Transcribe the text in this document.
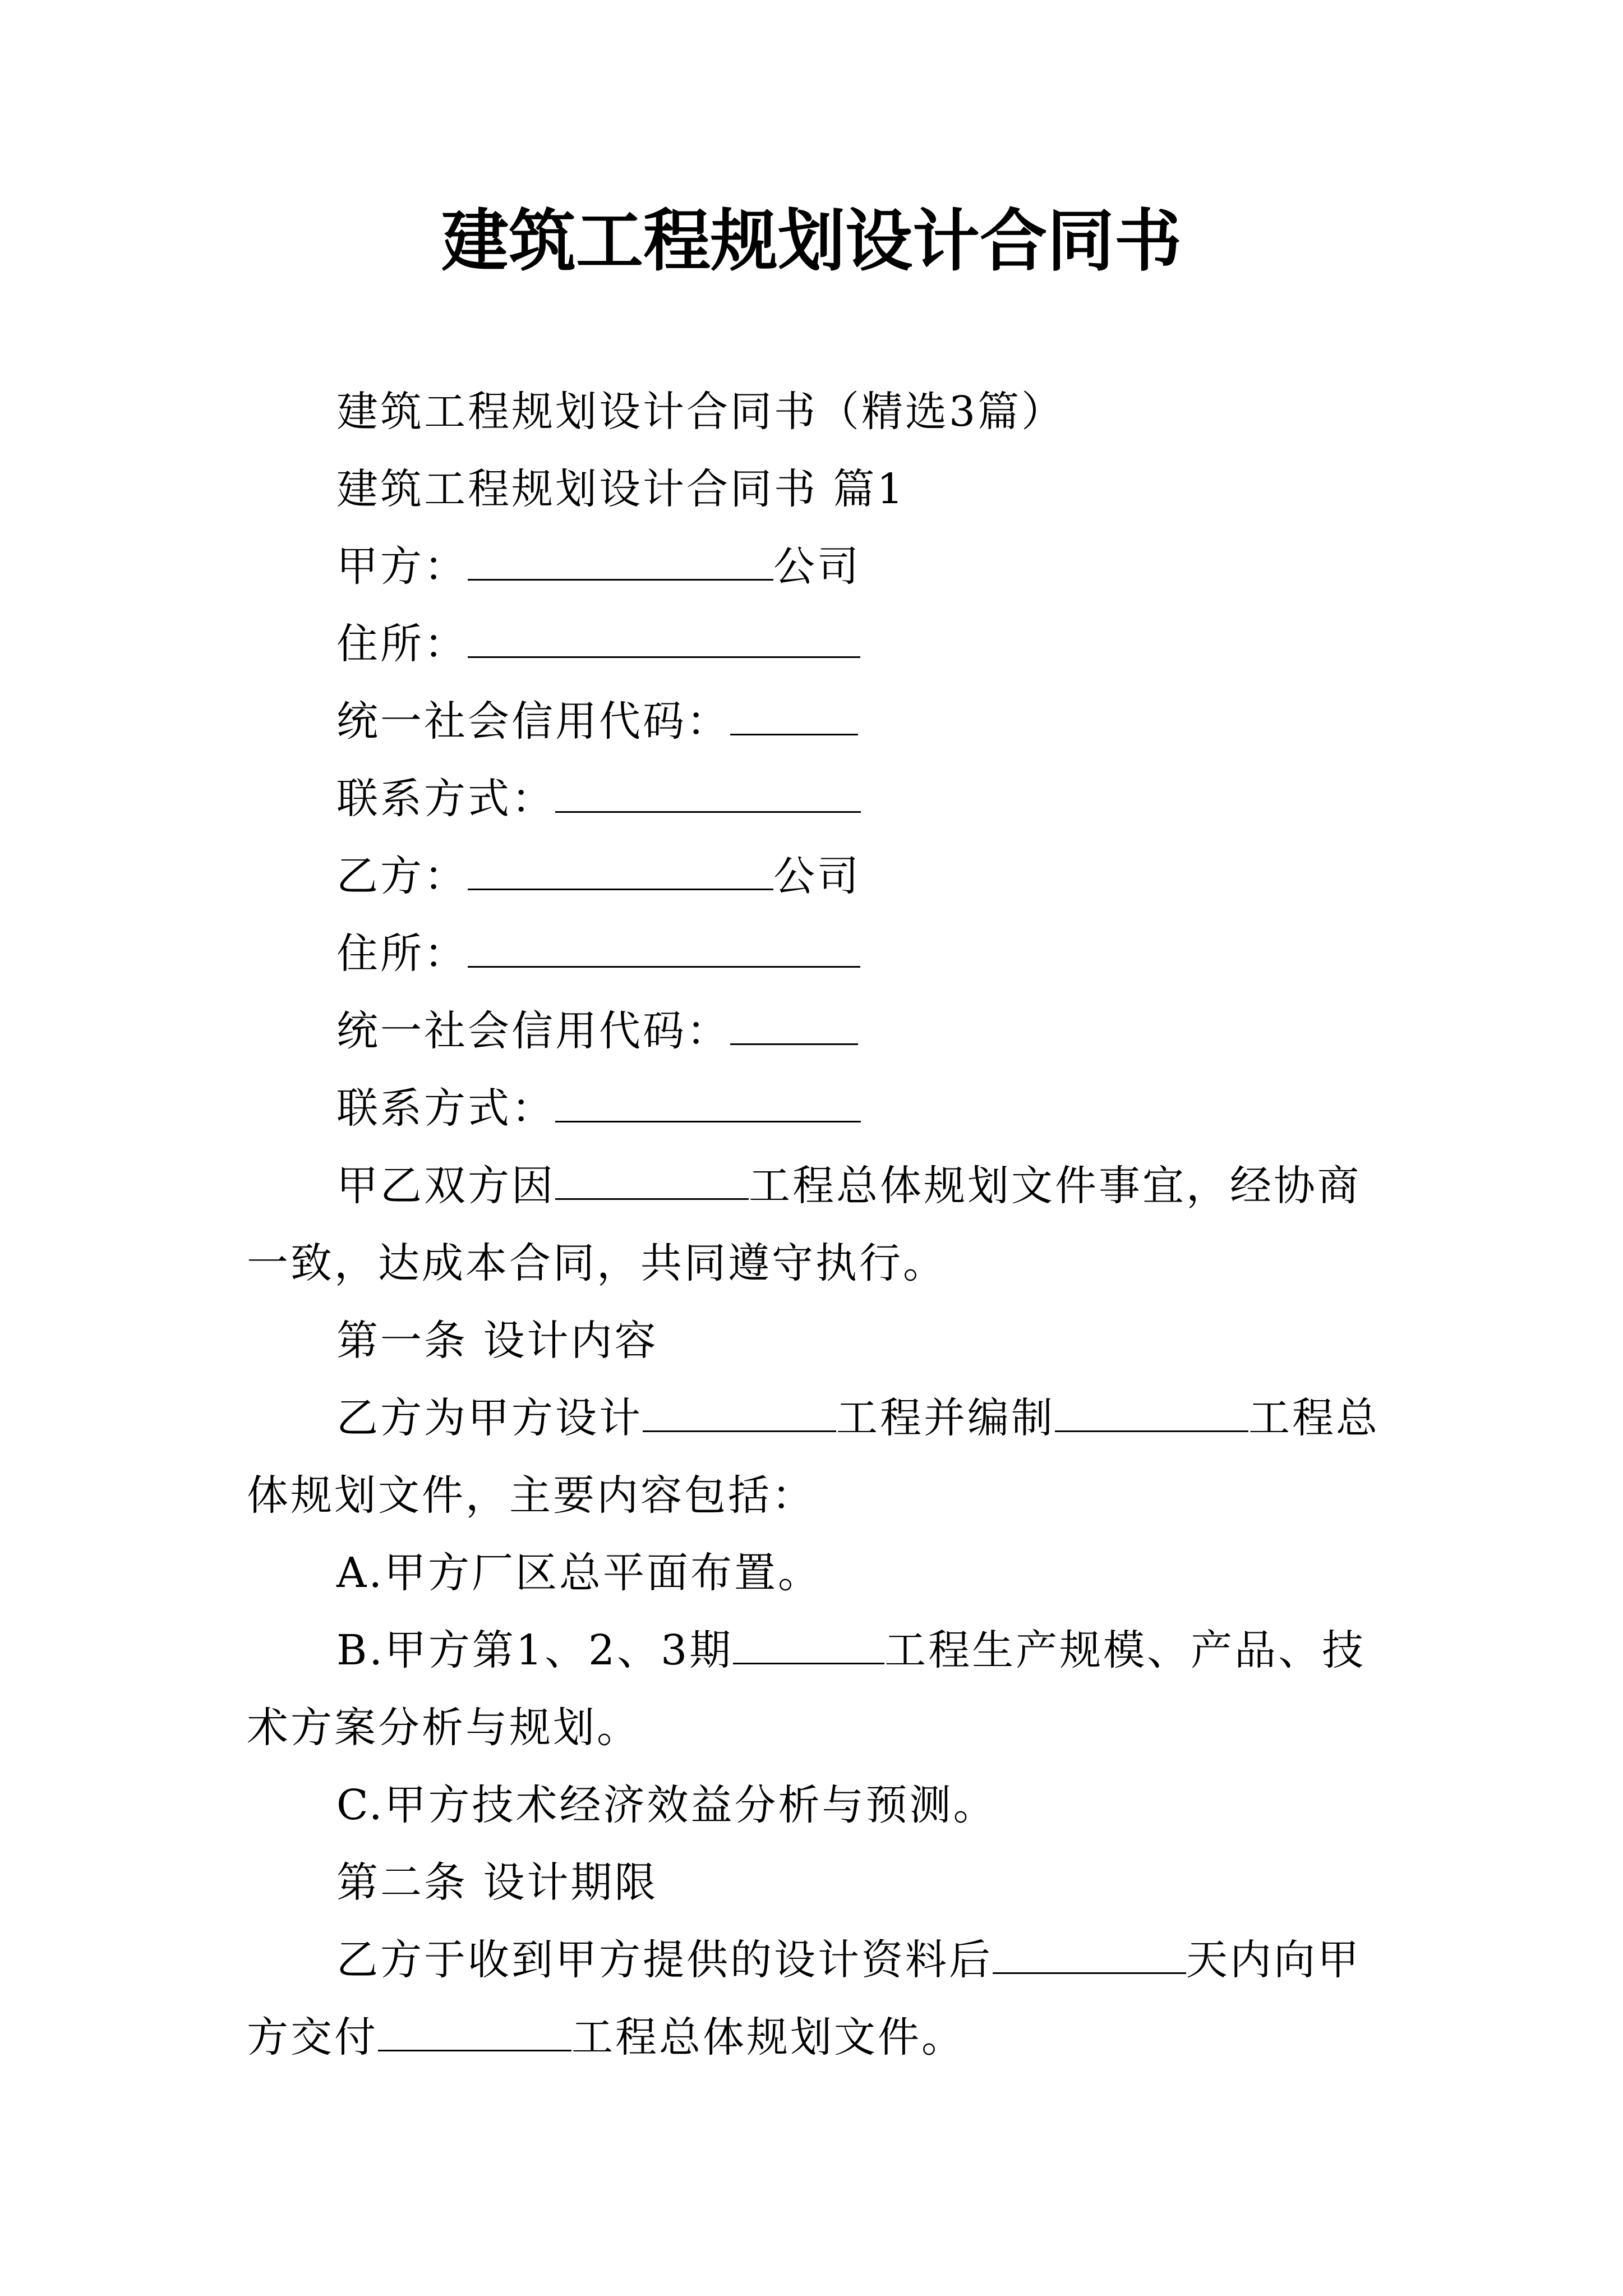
建筑工程规划设计合同书
建筑工程规划设计合同书（精选3篇）
建筑工程规划设计合同书 篇1
甲方：	公司
住所：
统一社会信用代码：
联系方式：
乙方：	公司
住所：
统一社会信用代码：
联系方式：
甲乙双方因	工程总体规划文件事宜，经协商一致，达成本合同，共同遵守执行。
第一条 设计内容
乙方为甲方设计	工程并编制	工程总体规划文件，主要内容包括：
A.甲方厂区总平面布置。
B.甲方第1、2、3期	工程生产规模、产品、技术方案分析与规划。
C.甲方技术经济效益分析与预测。
第二条 设计期限
乙方于收到甲方提供的设计资料后	天内向甲方交付	工程总体规划文件。
